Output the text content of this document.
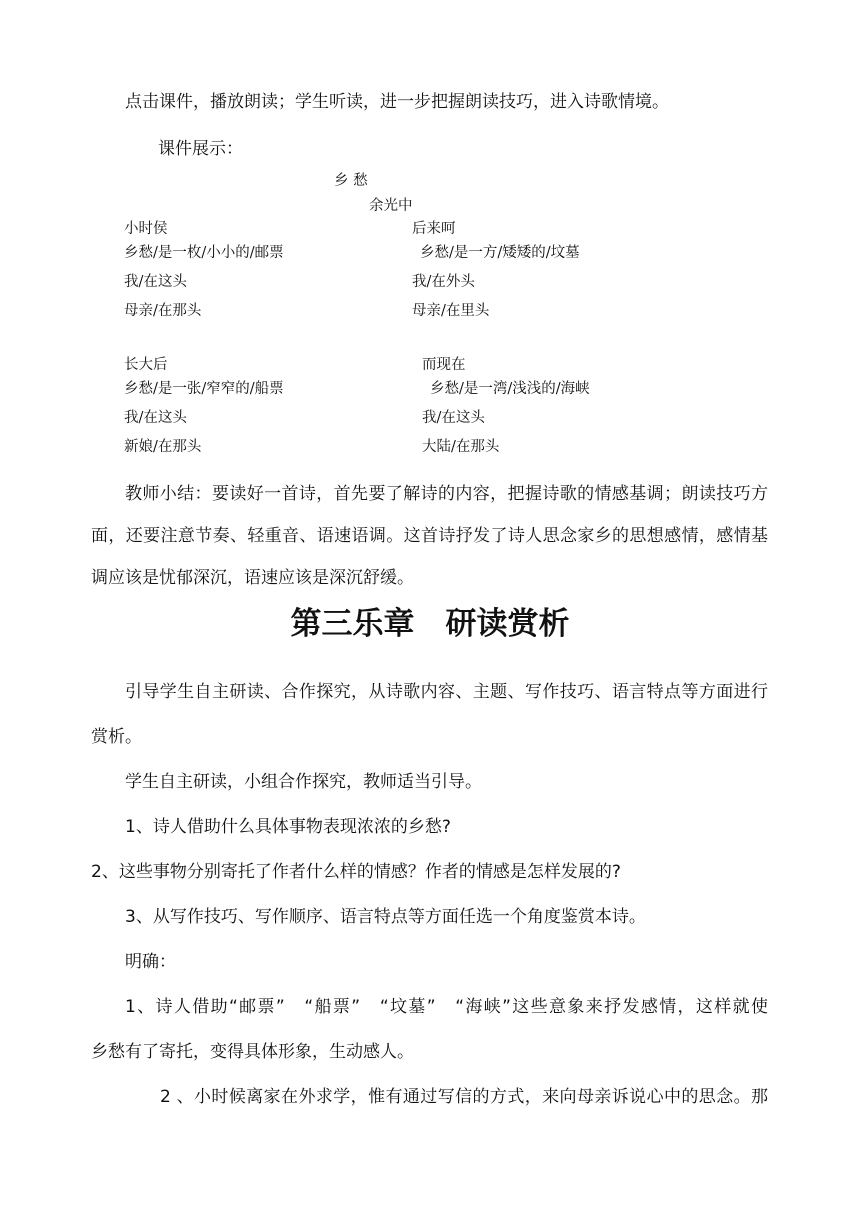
点击课件，播放朗读；学生听读，进一步把握朗读技巧，进入诗歌情境。
课件展示：
乡 愁
余光中
小时侯
乡愁/是一枚/小小的/邮票
我/在这头
母亲/在那头
后来呵
乡愁/是一方/矮矮的/坟墓
我/在外头
母亲/在里头
长大后
乡愁/是一张/窄窄的/船票
我/在这头
新娘/在那头
而现在
乡愁/是一湾/浅浅的/海峡
我/在这头
大陆/在那头
教师小结：要读好一首诗，首先要了解诗的内容，把握诗歌的情感基调；朗读技巧方
面，还要注意节奏、轻重音、语速语调。这首诗抒发了诗人思念家乡的思想感情，感情基
调应该是忧郁深沉，语速应该是深沉舒缓。
第三乐章　研读赏析
引导学生自主研读、合作探究，从诗歌内容、主题、写作技巧、语言特点等方面进行
赏析。
学生自主研读，小组合作探究，教师适当引导。
1、诗人借助什么具体事物表现浓浓的乡愁?
2、这些事物分别寄托了作者什么样的情感？作者的情感是怎样发展的?
3、从写作技巧、写作顺序、语言特点等方面任选一个角度鉴赏本诗。
明确：
1、诗人借助“邮票”　“船票”　“坟墓”　“海峡”这些意象来抒发感情，这样就使
乡愁有了寄托，变得具体形象，生动感人。
2 、小时候离家在外求学，惟有通过写信的方式，来向母亲诉说心中的思念。那
